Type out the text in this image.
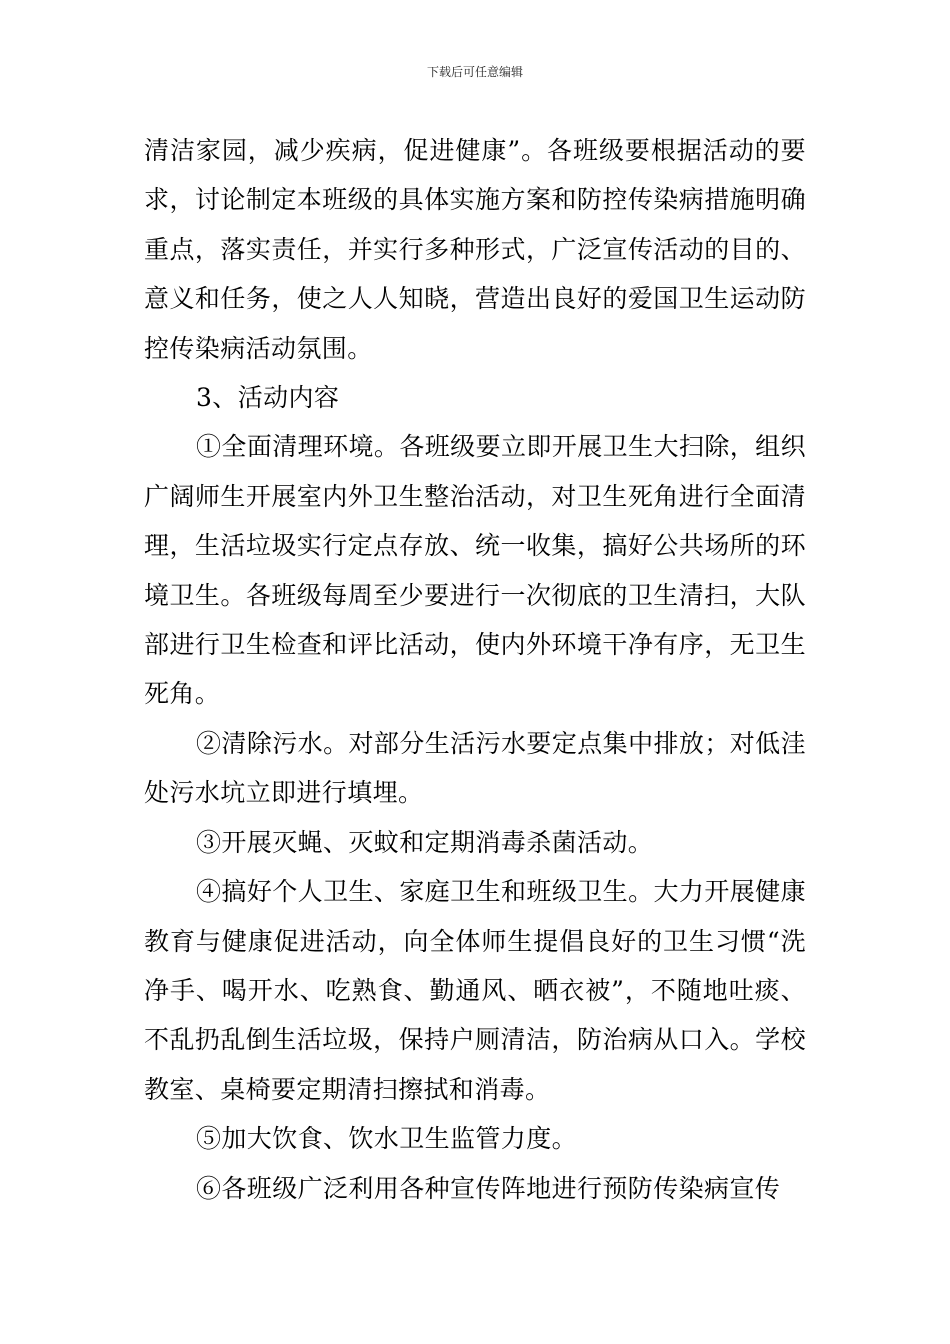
下载后可任意编辑

清洁家园，减少疾病，促进健康”。各班级要根据活动的要求，讨论制定本班级的具体实施方案和防控传染病措施明确重点，落实责任，并实行多种形式，广泛宣传活动的目的、意义和任务，使之人人知晓，营造出良好的爱国卫生运动防控传染病活动氛围。

3、活动内容

①全面清理环境。各班级要立即开展卫生大扫除，组织广阔师生开展室内外卫生整治活动，对卫生死角进行全面清理，生活垃圾实行定点存放、统一收集，搞好公共场所的环境卫生。各班级每周至少要进行一次彻底的卫生清扫，大队部进行卫生检查和评比活动，使内外环境干净有序，无卫生死角。

②清除污水。对部分生活污水要定点集中排放；对低洼处污水坑立即进行填埋。

③开展灭蝇、灭蚊和定期消毒杀菌活动。

④搞好个人卫生、家庭卫生和班级卫生。大力开展健康教育与健康促进活动，向全体师生提倡良好的卫生习惯“洗净手、喝开水、吃熟食、勤通风、晒衣被”，不随地吐痰、不乱扔乱倒生活垃圾，保持户厕清洁，防治病从口入。学校教室、桌椅要定期清扫擦拭和消毒。

⑤加大饮食、饮水卫生监管力度。

⑥各班级广泛利用各种宣传阵地进行预防传染病宣传
